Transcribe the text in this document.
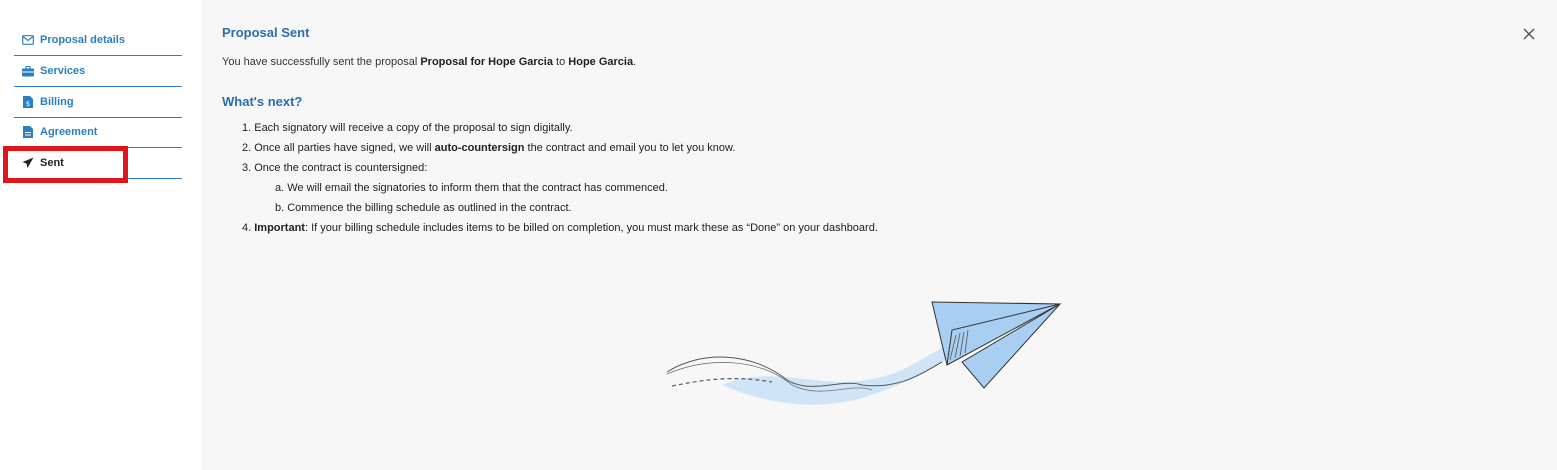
Proposal details
Services
$ Billing
Agreement
Sent
Proposal Sent
You have successfully sent the proposal Proposal for Hope Garcia to Hope Garcia.
What's next?
1. Each signatory will receive a copy of the proposal to sign digitally.
2. Once all parties have signed, we will auto-countersign the contract and email you to let you know.
3. Once the contract is countersigned:
a. We will email the signatories to inform them that the contract has commenced.
b. Commence the billing schedule as outlined in the contract.
4. Important: If your billing schedule includes items to be billed on completion, you must mark these as “Done” on your dashboard.
